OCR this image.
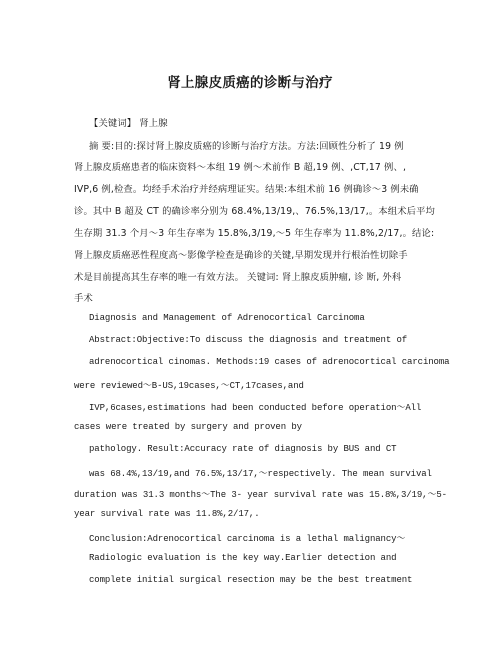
肾上腺皮质癌的诊断与治疗

【关键词】 肾上腺

摘 要:目的:探讨肾上腺皮质癌的诊断与治疗方法。方法:回顾性分析了 19 例

肾上腺皮质癌患者的临床资料～本组 19 例～术前作 B 超,19 例、,CT,17 例、,

IVP,6 例,检查。均经手术治疗并经病理证实。结果:本组术前 16 例确诊～3 例未确

诊。其中 B 超及 CT 的确诊率分别为 68.4%,13/19,、76.5%,13/17,。本组术后平均

生存期 31.3 个月～3 年生存率为 15.8%,3/19,～5 年生存率为 11.8%,2/17,。结论:

肾上腺皮质癌恶性程度高～影像学检查是确诊的关键,早期发现并行根治性切除手

术是目前提高其生存率的唯一有效方法。 关键词: 肾上腺皮质肿瘤, 诊 断, 外科

手术

Diagnosis and Management of Adrenocortical Carcinoma

Abstract:Objective:To discuss the diagnosis and treatment of

adrenocortical cinomas. Methods:19 cases of adrenocortical carcinoma

were reviewed～B-US,19cases,～CT,17cases,and

IVP,6cases,estimations had been conducted before operation～All

cases were treated by surgery and proven by

pathology. Result:Accuracy rate of diagnosis by BUS and CT

was 68.4%,13/19,and 76.5%,13/17,～respectively. The mean survival

duration was 31.3 months～The 3- year survival rate was 15.8%,3/19,～5-

year survival rate was 11.8%,2/17,.

Conclusion:Adrenocortical carcinoma is a lethal malignancy～

Radiologic evaluation is the key way.Earlier detection and

complete initial surgical resection may be the best treatment
